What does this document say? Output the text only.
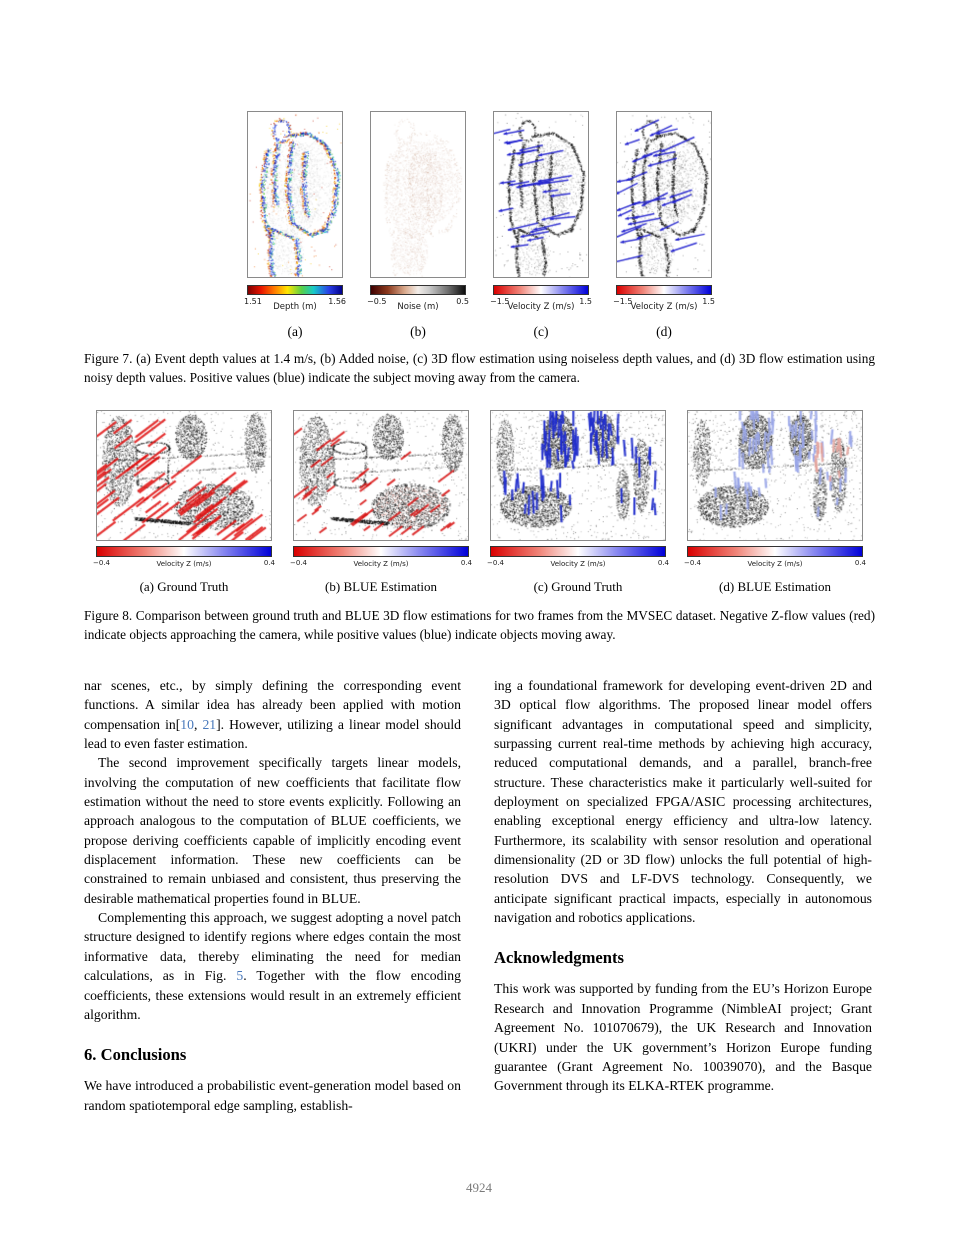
1.51
Depth (m)
1.56
(a)
−0.5
Noise (m)
0.5
(b)
−1.5
Velocity Z (m/s)
1.5
(c)
−1.5
Velocity Z (m/s)
1.5
(d)
Figure 7. (a) Event depth values at 1.4 m/s, (b) Added noise, (c) 3D flow estimation using noiseless depth values, and (d) 3D flow estimation using noisy depth values. Positive values (blue) indicate the subject moving away from the camera.
−0.4	Velocity Z (m/s)	0.4
(a) Ground Truth
−0.4	Velocity Z (m/s)	0.4
(b) BLUE Estimation
−0.4	Velocity Z (m/s)	0.4
(c) Ground Truth
−0.4	Velocity Z (m/s)	0.4
(d) BLUE Estimation
Figure 8. Comparison between ground truth and BLUE 3D flow estimations for two frames from the MVSEC dataset. Negative Z-flow values (red) indicate objects approaching the camera, while positive values (blue) indicate objects moving away.

nar scenes, etc., by simply defining the corresponding event functions. A similar idea has already been applied with motion compensation in[10, 21]. However, utilizing a linear model should lead to even faster estimation.

The second improvement specifically targets linear models, involving the computation of new coefficients that facilitate flow estimation without the need to store events explicitly. Following an approach analogous to the computation of BLUE coefficients, we propose deriving coefficients capable of implicitly encoding event displacement information. These new coefficients can be constrained to remain unbiased and consistent, thus preserving the desirable mathematical properties found in BLUE.

Complementing this approach, we suggest adopting a novel patch structure designed to identify regions where edges contain the most informative data, thereby eliminating the need for median calculations, as in Fig. 5. Together with the flow encoding coefficients, these extensions would result in an extremely efficient algorithm.

6. Conclusions

We have introduced a probabilistic event-generation model based on random spatiotemporal edge sampling, establish-

ing a foundational framework for developing event-driven 2D and 3D optical flow algorithms. The proposed linear model offers significant advantages in computational speed and simplicity, surpassing current real-time methods by achieving high accuracy, reduced computational demands, and a parallel, branch-free structure. These characteristics make it particularly well-suited for deployment on specialized FPGA/ASIC processing architectures, enabling exceptional energy efficiency and ultra-low latency. Furthermore, its scalability with sensor resolution and operational dimensionality (2D or 3D flow) unlocks the full potential of high-resolution DVS and LF-DVS technology. Consequently, we anticipate significant practical impacts, especially in autonomous navigation and robotics applications.

Acknowledgments

This work was supported by funding from the EU’s Horizon Europe Research and Innovation Programme (NimbleAI project; Grant Agreement No. 101070679), the UK Research and Innovation (UKRI) under the UK government’s Horizon Europe funding guarantee (Grant Agreement No. 10039070), and the Basque Government through its ELKA-RTEK programme.

4924
